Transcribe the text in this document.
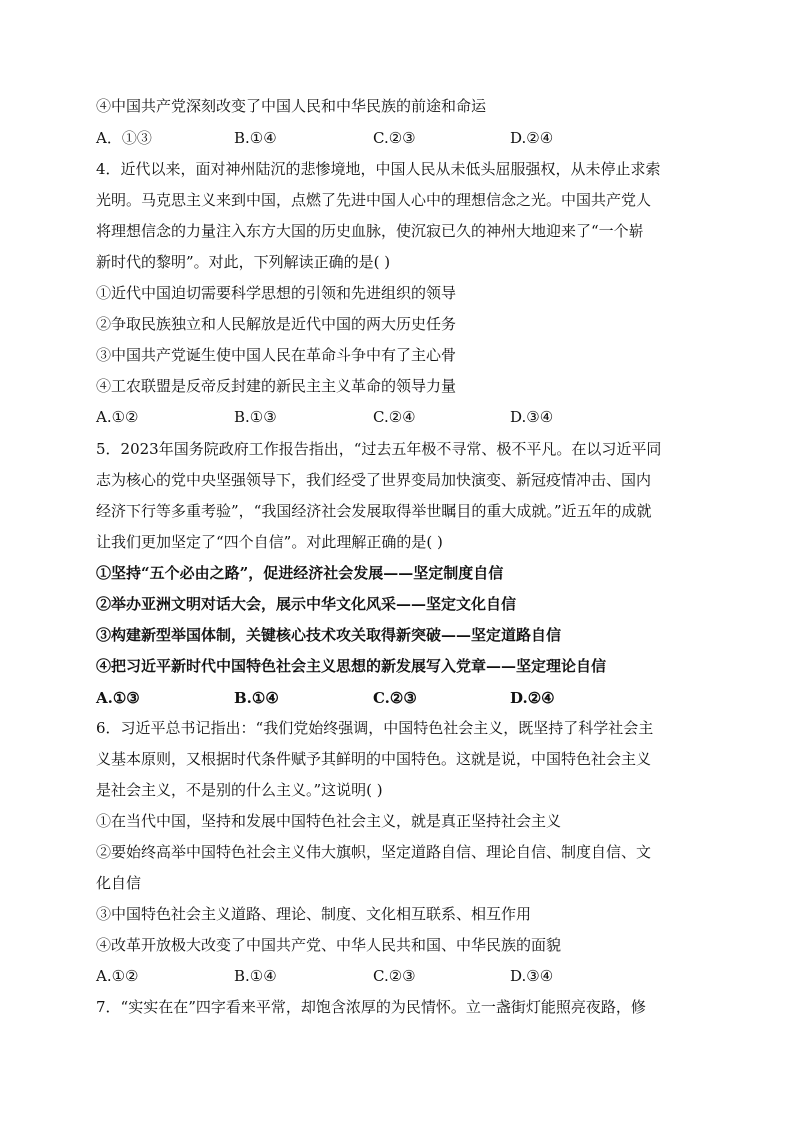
④中国共产党深刻改变了中国人民和中华民族的前途和命运
A．①③	B.①④	C.②③	D.②④
4．近代以来，面对神州陆沉的悲惨境地，中国人民从未低头屈服强权，从未停止求索
光明。马克思主义来到中国，点燃了先进中国人心中的理想信念之光。中国共产党人
将理想信念的力量注入东方大国的历史血脉，使沉寂已久的神州大地迎来了“一个崭
新时代的黎明”。对此，下列解读正确的是( )
①近代中国迫切需要科学思想的引领和先进组织的领导
②争取民族独立和人民解放是近代中国的两大历史任务
③中国共产党诞生使中国人民在革命斗争中有了主心骨
④工农联盟是反帝反封建的新民主主义革命的领导力量
A.①②	B.①③	C.②④	D.③④
5．2023年国务院政府工作报告指出，“过去五年极不寻常、极不平凡。在以习近平同
志为核心的党中央坚强领导下，我们经受了世界变局加快演变、新冠疫情冲击、国内
经济下行等多重考验”，“我国经济社会发展取得举世瞩目的重大成就。”近五年的成就
让我们更加坚定了“四个自信”。对此理解正确的是( )
①坚持“五个必由之路”，促进经济社会发展——坚定制度自信
②举办亚洲文明对话大会，展示中华文化风采——坚定文化自信
③构建新型举国体制，关键核心技术攻关取得新突破——坚定道路自信
④把习近平新时代中国特色社会主义思想的新发展写入党章——坚定理论自信
A.①③	B.①④	C.②③	D.②④
6．习近平总书记指出：“我们党始终强调，中国特色社会主义，既坚持了科学社会主
义基本原则，又根据时代条件赋予其鲜明的中国特色。这就是说，中国特色社会主义
是社会主义，不是别的什么主义。”这说明( )
①在当代中国，坚持和发展中国特色社会主义，就是真正坚持社会主义
②要始终高举中国特色社会主义伟大旗帜，坚定道路自信、理论自信、制度自信、文
化自信
③中国特色社会主义道路、理论、制度、文化相互联系、相互作用
④改革开放极大改变了中国共产党、中华人民共和国、中华民族的面貌
A.①②	B.①④	C.②③	D.③④
7．“实实在在”四字看来平常，却饱含浓厚的为民情怀。立一盏街灯能照亮夜路，修
